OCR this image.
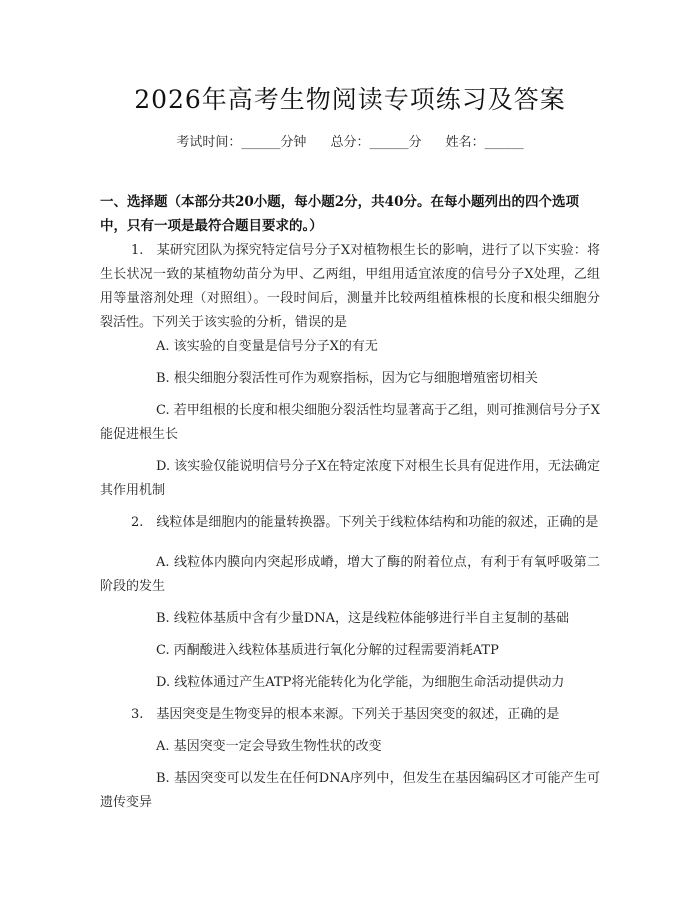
2026年高考生物阅读专项练习及答案
考试时间：______分钟 总分：______分 姓名：______
一、选择题（本部分共20小题，每小题2分，共40分。在每小题列出的四个选项中，只有一项是最符合题目要求的。）
1.　某研究团队为探究特定信号分子X对植物根生长的影响，进行了以下实验：将生长状况一致的某植物幼苗分为甲、乙两组，甲组用适宜浓度的信号分子X处理，乙组用等量溶剂处理（对照组）。一段时间后，测量并比较两组植株根的长度和根尖细胞分裂活性。下列关于该实验的分析，错误的是
A. 该实验的自变量是信号分子X的有无
B. 根尖细胞分裂活性可作为观察指标，因为它与细胞增殖密切相关
C. 若甲组根的长度和根尖细胞分裂活性均显著高于乙组，则可推测信号分子X能促进根生长
D. 该实验仅能说明信号分子X在特定浓度下对根生长具有促进作用，无法确定其作用机制
2.　线粒体是细胞内的能量转换器。下列关于线粒体结构和功能的叙述，正确的是
A. 线粒体内膜向内突起形成嵴，增大了酶的附着位点，有利于有氧呼吸第二阶段的发生
B. 线粒体基质中含有少量DNA，这是线粒体能够进行半自主复制的基础
C. 丙酮酸进入线粒体基质进行氧化分解的过程需要消耗ATP
D. 线粒体通过产生ATP将光能转化为化学能，为细胞生命活动提供动力
3.　基因突变是生物变异的根本来源。下列关于基因突变的叙述，正确的是
A. 基因突变一定会导致生物性状的改变
B. 基因突变可以发生在任何DNA序列中，但发生在基因编码区才可能产生可遗传变异
